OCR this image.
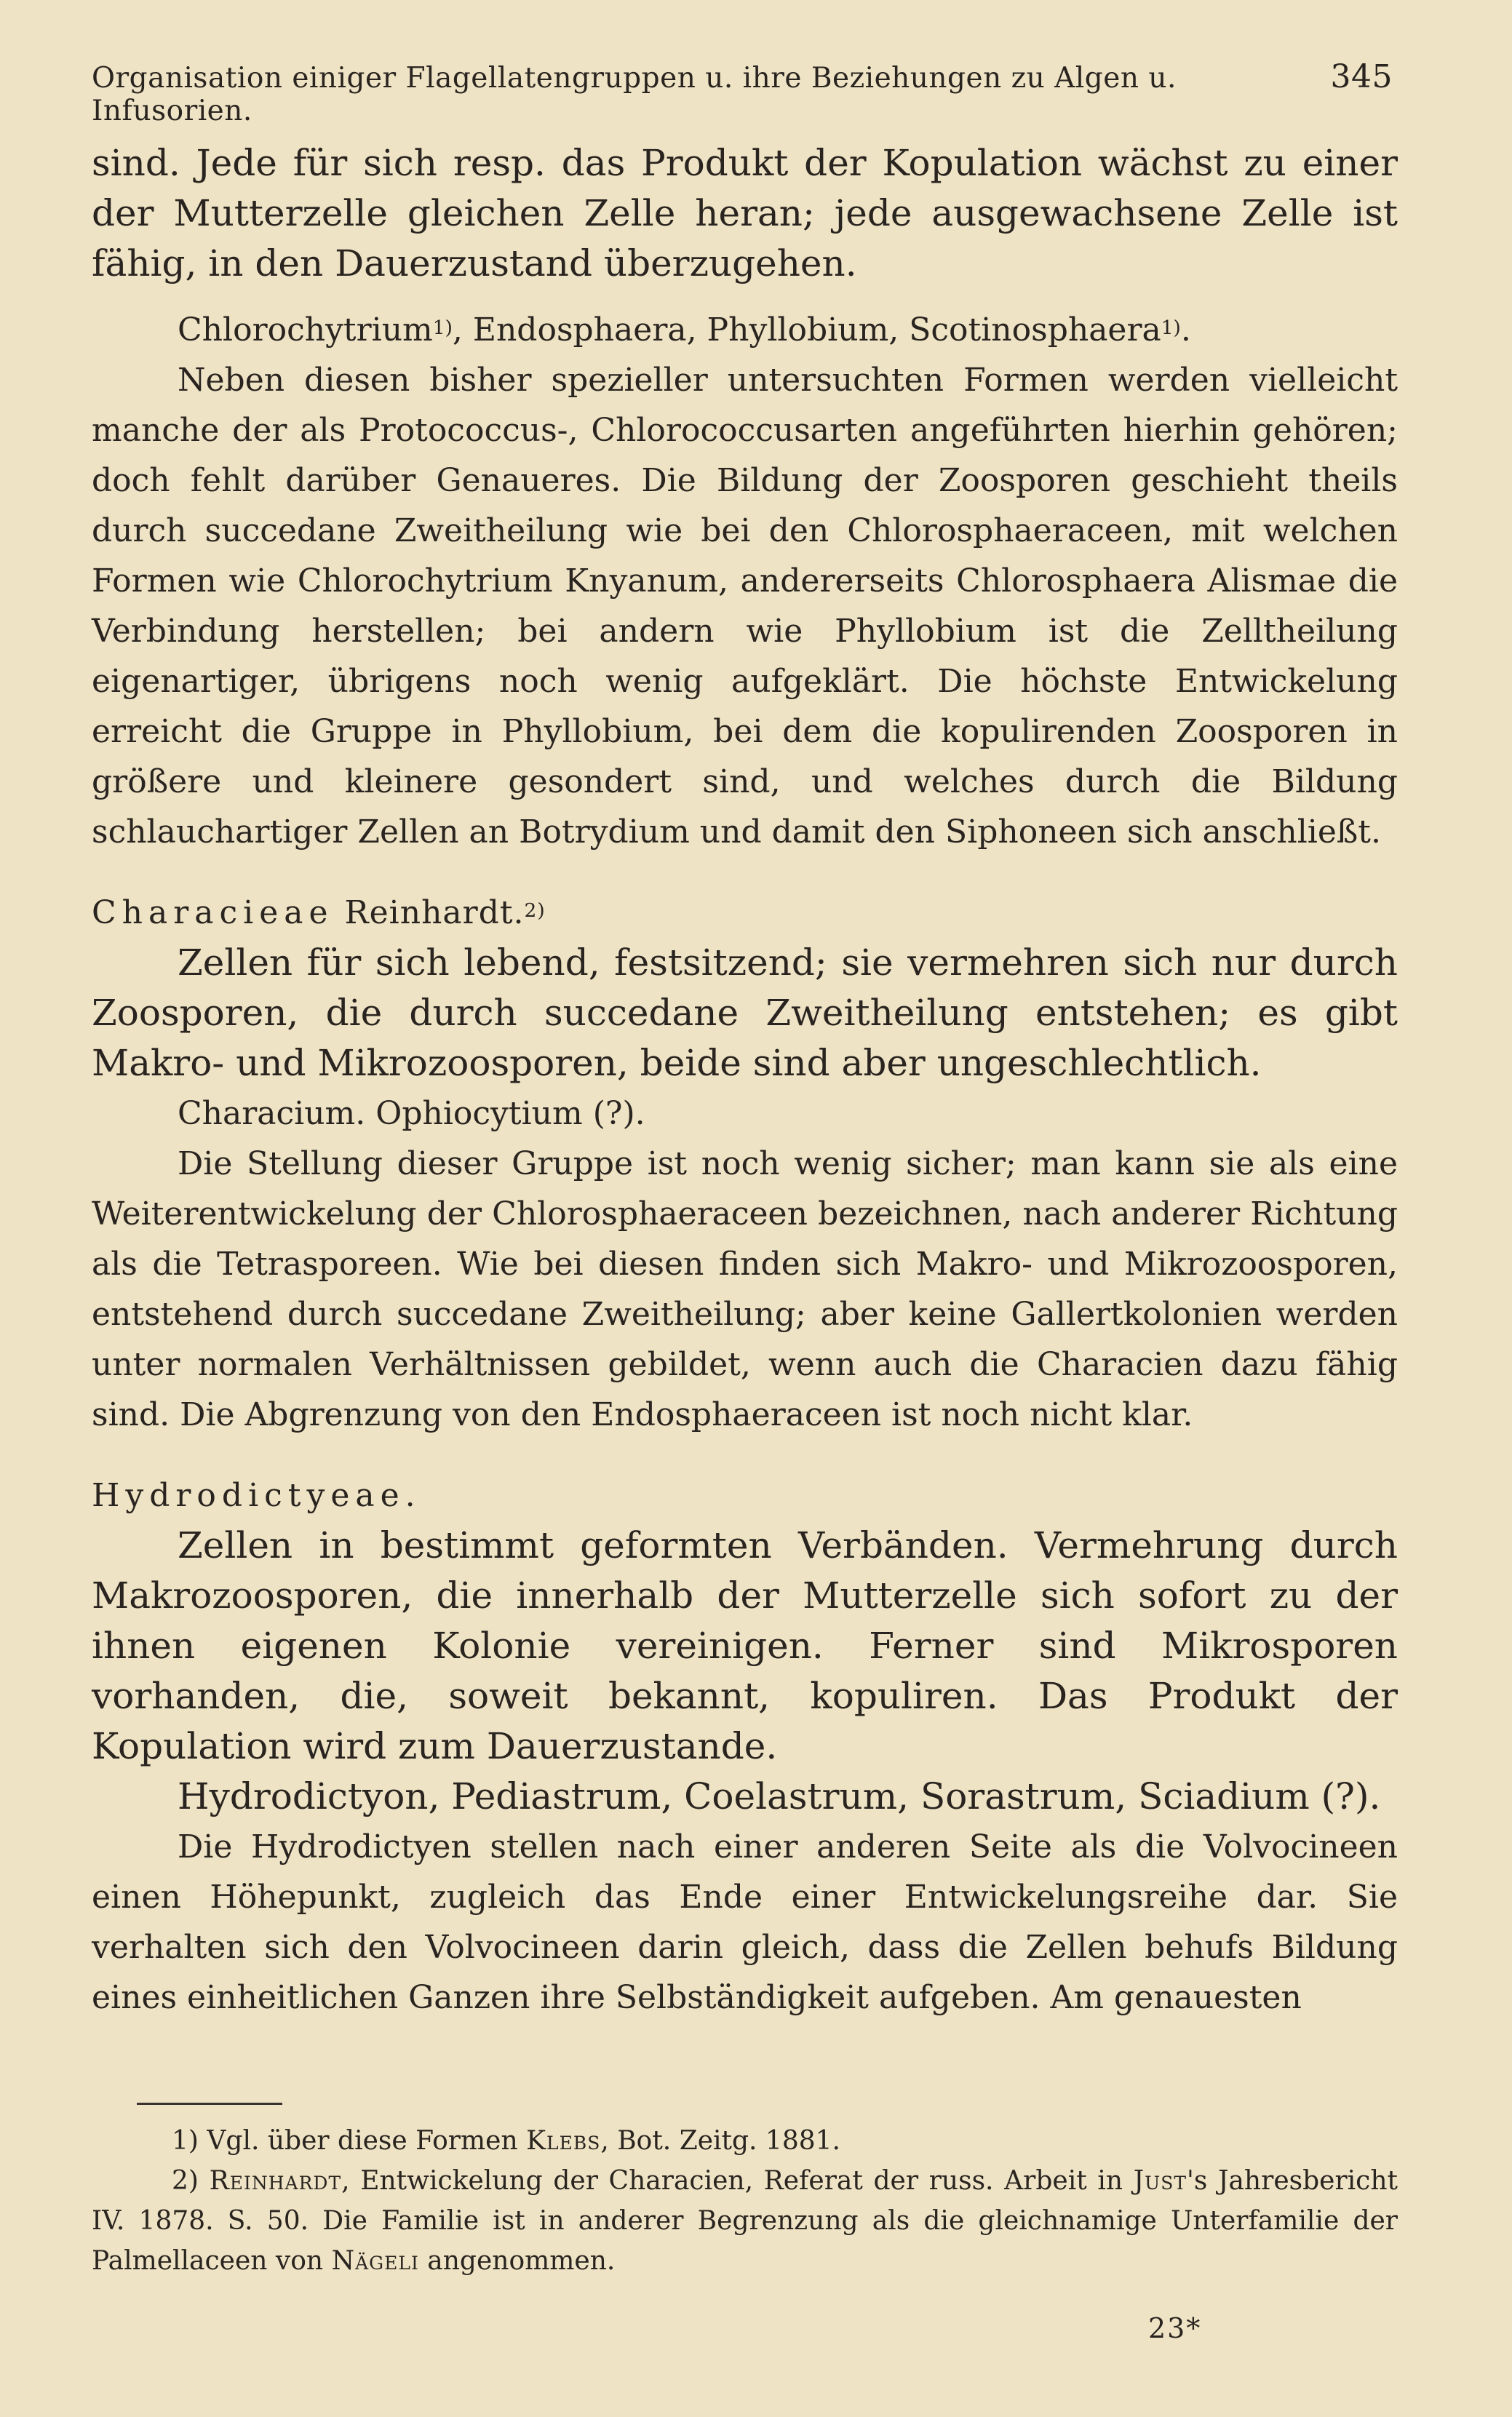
Organisation einiger Flagellatengruppen u. ihre Beziehungen zu Algen u. Infusorien.
345

sind. Jede für sich resp. das Produkt der Kopulation wächst zu einer der Mutterzelle gleichen Zelle heran; jede ausgewachsene Zelle ist fähig, in den Dauerzustand überzugehen.

Chlorochytrium$^{1)}$, Endosphaera, Phyllobium, Scotinosphaera$^{1)}$.

Neben diesen bisher spezieller untersuchten Formen werden vielleicht manche der als Protococcus-, Chlorococcusarten angeführten hierhin gehören; doch fehlt darüber Genaueres. Die Bildung der Zoosporen geschieht theils durch succedane Zweitheilung wie bei den Chlorosphaeraceen, mit welchen Formen wie Chlorochytrium Knyanum, andererseits Chlorosphaera Alismae die Verbindung herstellen; bei andern wie Phyllobium ist die Zelltheilung eigenartiger, übrigens noch wenig aufgeklärt. Die höchste Entwickelung erreicht die Gruppe in Phyllobium, bei dem die kopulirenden Zoosporen in größere und kleinere gesondert sind, und welches durch die Bildung schlauchartiger Zellen an Botrydium und damit den Siphoneen sich anschließt.

Characieae Reinhardt.$^{2)}$

Zellen für sich lebend, festsitzend; sie vermehren sich nur durch Zoosporen, die durch succedane Zweitheilung entstehen; es gibt Makro- und Mikrozoosporen, beide sind aber ungeschlechtlich.

Characium. Ophiocytium (?).

Die Stellung dieser Gruppe ist noch wenig sicher; man kann sie als eine Weiterentwickelung der Chlorosphaeraceen bezeichnen, nach anderer Richtung als die Tetrasporeen. Wie bei diesen finden sich Makro- und Mikrozoosporen, entstehend durch succedane Zweitheilung; aber keine Gallertkolonien werden unter normalen Verhältnissen gebildet, wenn auch die Characien dazu fähig sind. Die Abgrenzung von den Endosphaeraceen ist noch nicht klar.

Hydrodictyeae.

Zellen in bestimmt geformten Verbänden. Vermehrung durch Makrozoosporen, die innerhalb der Mutterzelle sich sofort zu der ihnen eigenen Kolonie vereinigen. Ferner sind Mikrosporen vorhanden, die, soweit bekannt, kopuliren. Das Produkt der Kopulation wird zum Dauerzustande.

Hydrodictyon, Pediastrum, Coelastrum, Sorastrum, Sciadium (?).

Die Hydrodictyen stellen nach einer anderen Seite als die Volvocineen einen Höhepunkt, zugleich das Ende einer Entwickelungsreihe dar. Sie verhalten sich den Volvocineen darin gleich, dass die Zellen behufs Bildung eines einheitlichen Ganzen ihre Selbständigkeit aufgeben. Am genauesten

1) Vgl. über diese Formen Klebs, Bot. Zeitg. 1881.

2) Reinhardt, Entwickelung der Characien, Referat der russ. Arbeit in Just's Jahresbericht IV. 1878. S. 50. Die Familie ist in anderer Begrenzung als die gleichnamige Unterfamilie der Palmellaceen von Nägeli angenommen.

23*
